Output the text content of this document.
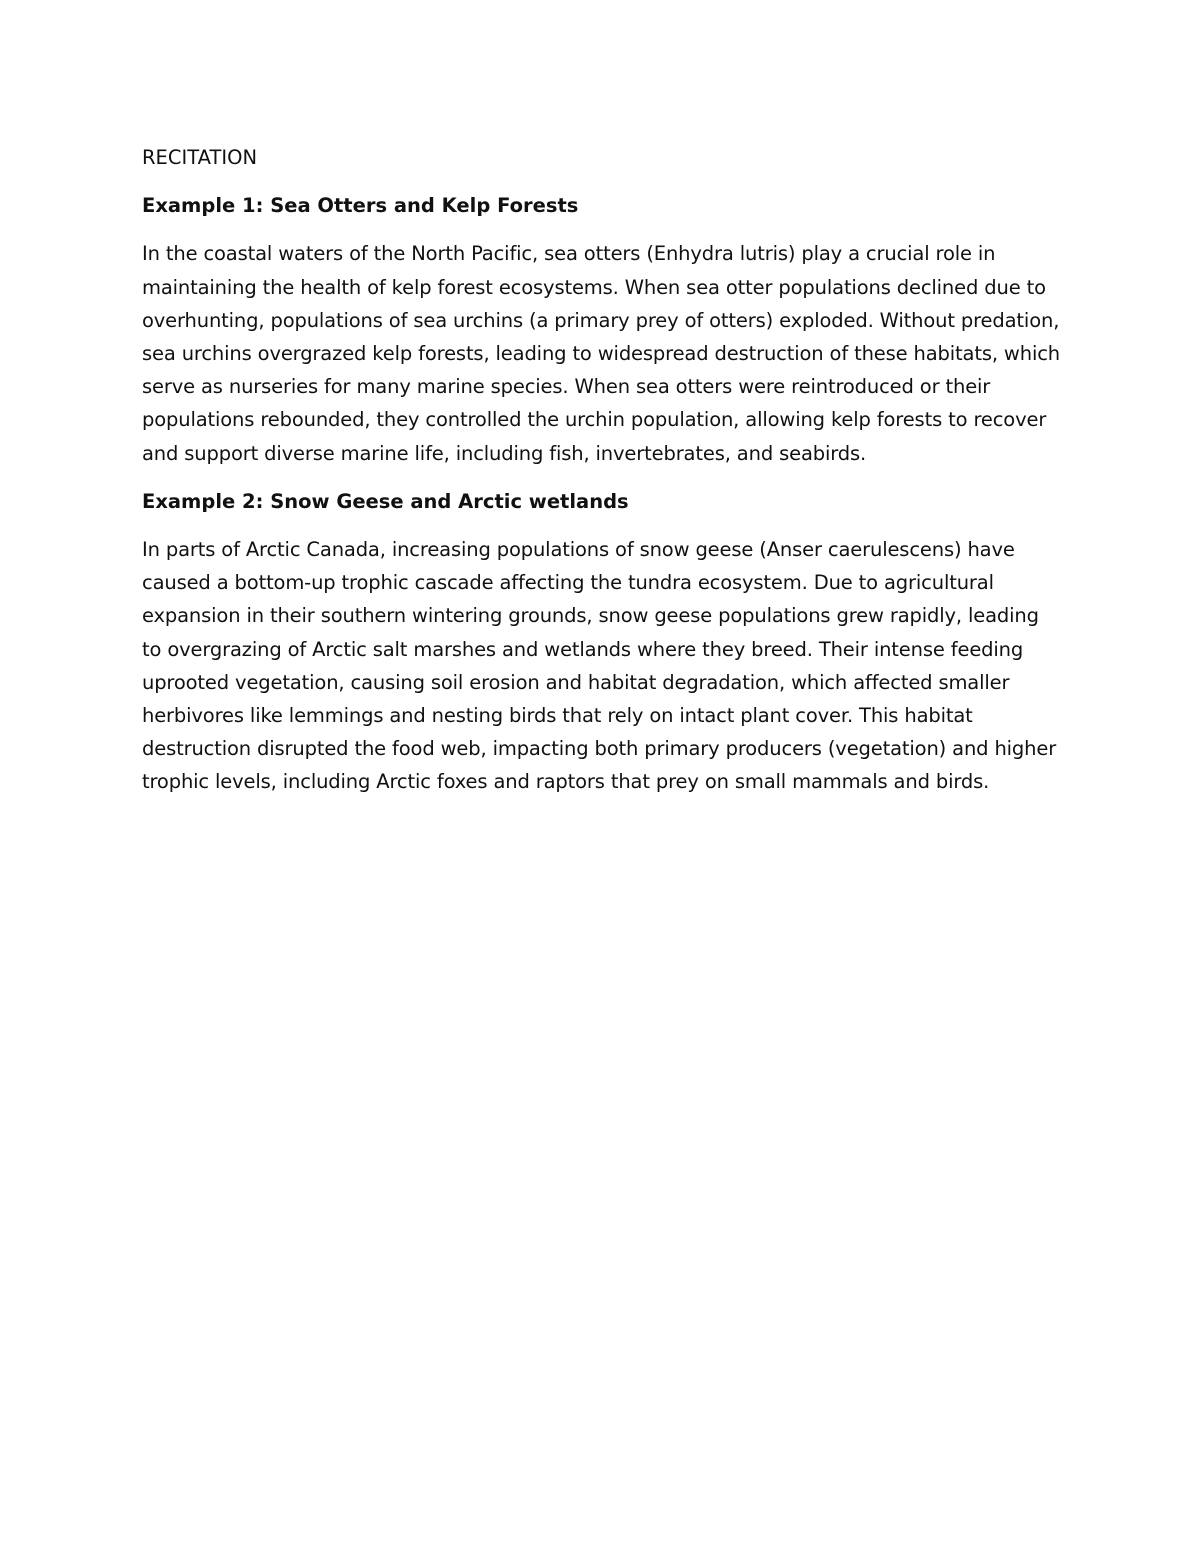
RECITATION
Example 1: Sea Otters and Kelp Forests

In the coastal waters of the North Pacific, sea otters (Enhydra lutris) play a crucial role in maintaining the health of kelp forest ecosystems. When sea otter populations declined due to overhunting, populations of sea urchins (a primary prey of otters) exploded. Without predation, sea urchins overgrazed kelp forests, leading to widespread destruction of these habitats, which serve as nurseries for many marine species. When sea otters were reintroduced or their populations rebounded, they controlled the urchin population, allowing kelp forests to recover and support diverse marine life, including fish, invertebrates, and seabirds.

Example 2: Snow Geese and Arctic wetlands

In parts of Arctic Canada, increasing populations of snow geese (Anser caerulescens) have caused a bottom-up trophic cascade affecting the tundra ecosystem. Due to agricultural expansion in their southern wintering grounds, snow geese populations grew rapidly, leading to overgrazing of Arctic salt marshes and wetlands where they breed. Their intense feeding uprooted vegetation, causing soil erosion and habitat degradation, which affected smaller herbivores like lemmings and nesting birds that rely on intact plant cover. This habitat destruction disrupted the food web, impacting both primary producers (vegetation) and higher trophic levels, including Arctic foxes and raptors that prey on small mammals and birds.
